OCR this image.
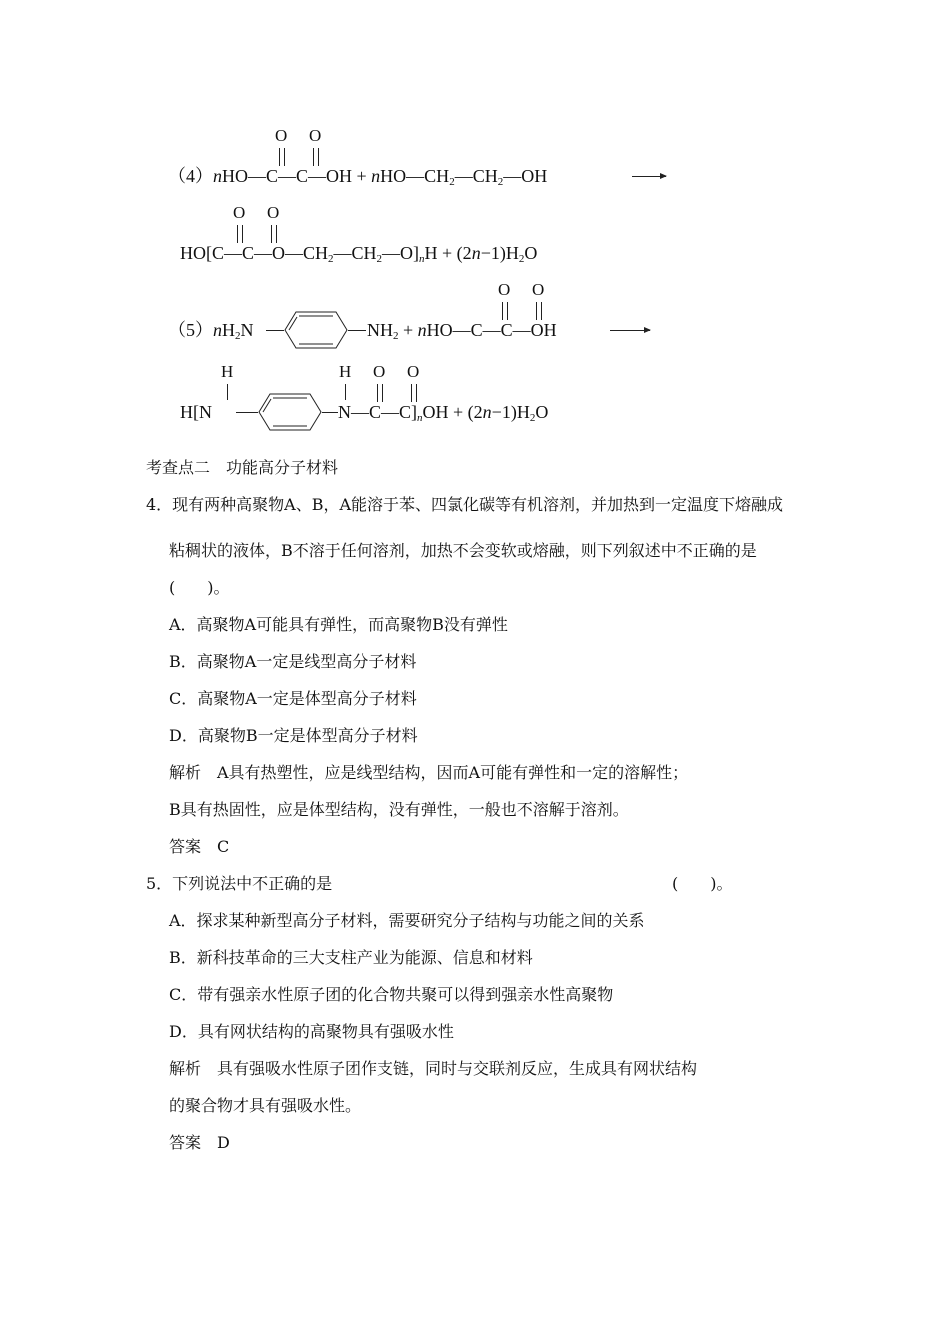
O O
（4）nHO—C—C—OH + $nHO—CH_2—CH_2—OH$
O O
$HO[C—C—O—CH_2—CH_2—O]_nH + (2n-1)H_2O$
$(5)nH_2N$	$NH_2$ + nHO—C—C—OH
O O
H	H O O
H[N	$N—C—C]_nOH + (2n-1)H_2O$
考查点二　功能高分子材料
4．现有两种高聚物A、B，A能溶于苯、四氯化碳等有机溶剂，并加热到一定温度下熔融成
粘稠状的液体，B不溶于任何溶剂，加热不会变软或熔融，则下列叙述中不正确的是
(　　)。
A．高聚物A可能具有弹性，而高聚物B没有弹性
B．高聚物A一定是线型高分子材料
C．高聚物A一定是体型高分子材料
D．高聚物B一定是体型高分子材料
解析　A具有热塑性，应是线型结构，因而A可能有弹性和一定的溶解性；
B具有热固性，应是体型结构，没有弹性，一般也不溶解于溶剂。
答案　C
5．下列说法中不正确的是	(　　)。
A．探求某种新型高分子材料，需要研究分子结构与功能之间的关系
B．新科技革命的三大支柱产业为能源、信息和材料
C．带有强亲水性原子团的化合物共聚可以得到强亲水性高聚物
D．具有网状结构的高聚物具有强吸水性
解析　具有强吸水性原子团作支链，同时与交联剂反应，生成具有网状结构
的聚合物才具有强吸水性。
答案　D
